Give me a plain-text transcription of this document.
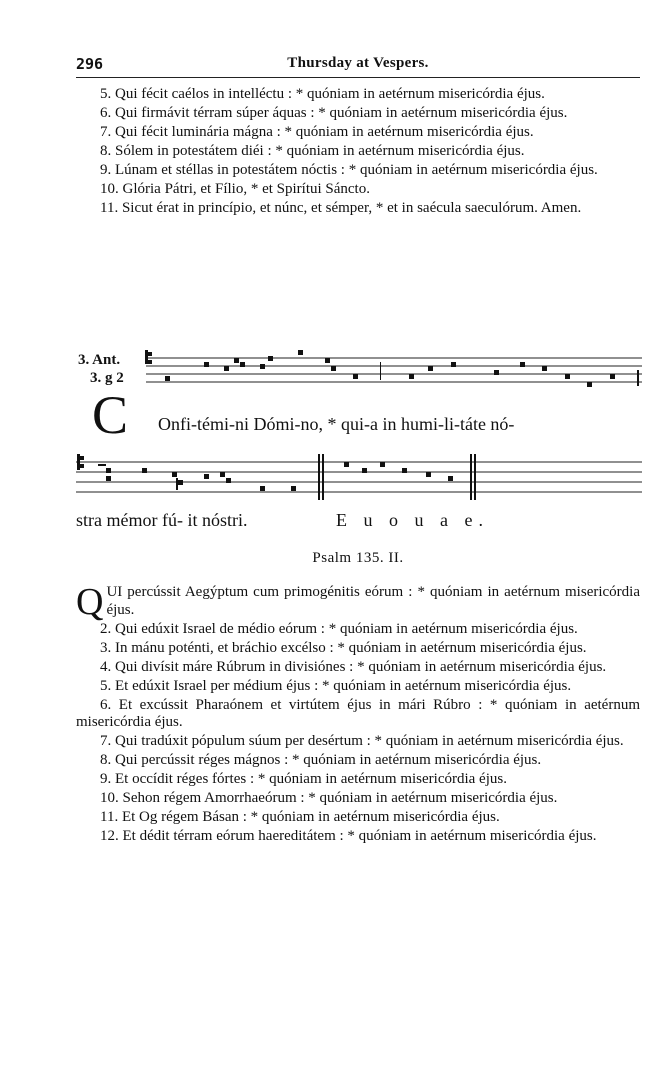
296	Thursday at Vespers.

5. Qui fécit caélos in intelléctu : * quóniam in aetérnum misericórdia éjus.

6. Qui firmávit térram súper áquas : * quóniam in aetérnum misericórdia éjus.

7. Qui fécit luminária mágna : * quóniam in aetérnum misericórdia éjus.

8. Sólem in potestátem diéi : * quóniam in aetérnum misericórdia éjus.

9. Lúnam et stéllas in potestátem nóctis : * quóniam in aetérnum misericórdia éjus.

10. Glória Pátri, et Fílio, * et Spirítui Sáncto.

11. Sicut érat in princípio, et núnc, et sémper, * et in saécula saeculórum. Amen.

3. Ant.
3. g 2
C Onfi-témi-ni Dómi-no, * qui-a in humi-li-táte nó-
stra mémor fú- it nóstri.	E u o u a e.
Psalm 135. II.

QUI percússit Aegýptum cum primogénitis eórum : * quóniam in aetérnum misericórdia éjus.

2. Qui edúxit Israel de médio eórum : * quóniam in aetérnum misericórdia éjus.

3. In mánu poténti, et bráchio excélso : * quóniam in aetérnum misericórdia éjus.

4. Qui divísit máre Rúbrum in divisiónes : * quóniam in aetérnum misericórdia éjus.

5. Et edúxit Israel per médium éjus : * quóniam in aetérnum misericórdia éjus.

6. Et excússit Pharaónem et virtútem éjus in mári Rúbro : * quóniam in aetérnum misericórdia éjus.

7. Qui tradúxit pópulum súum per desértum : * quóniam in aetérnum misericórdia éjus.

8. Qui percússit réges mágnos : * quóniam in aetérnum misericórdia éjus.

9. Et occídit réges fórtes : * quóniam in aetérnum misericórdia éjus.

10. Sehon régem Amorrhaeórum : * quóniam in aetérnum misericórdia éjus.

11. Et Og régem Básan : * quóniam in aetérnum misericórdia éjus.

12. Et dédit térram eórum haereditátem : * quóniam in aetérnum misericórdia éjus.
